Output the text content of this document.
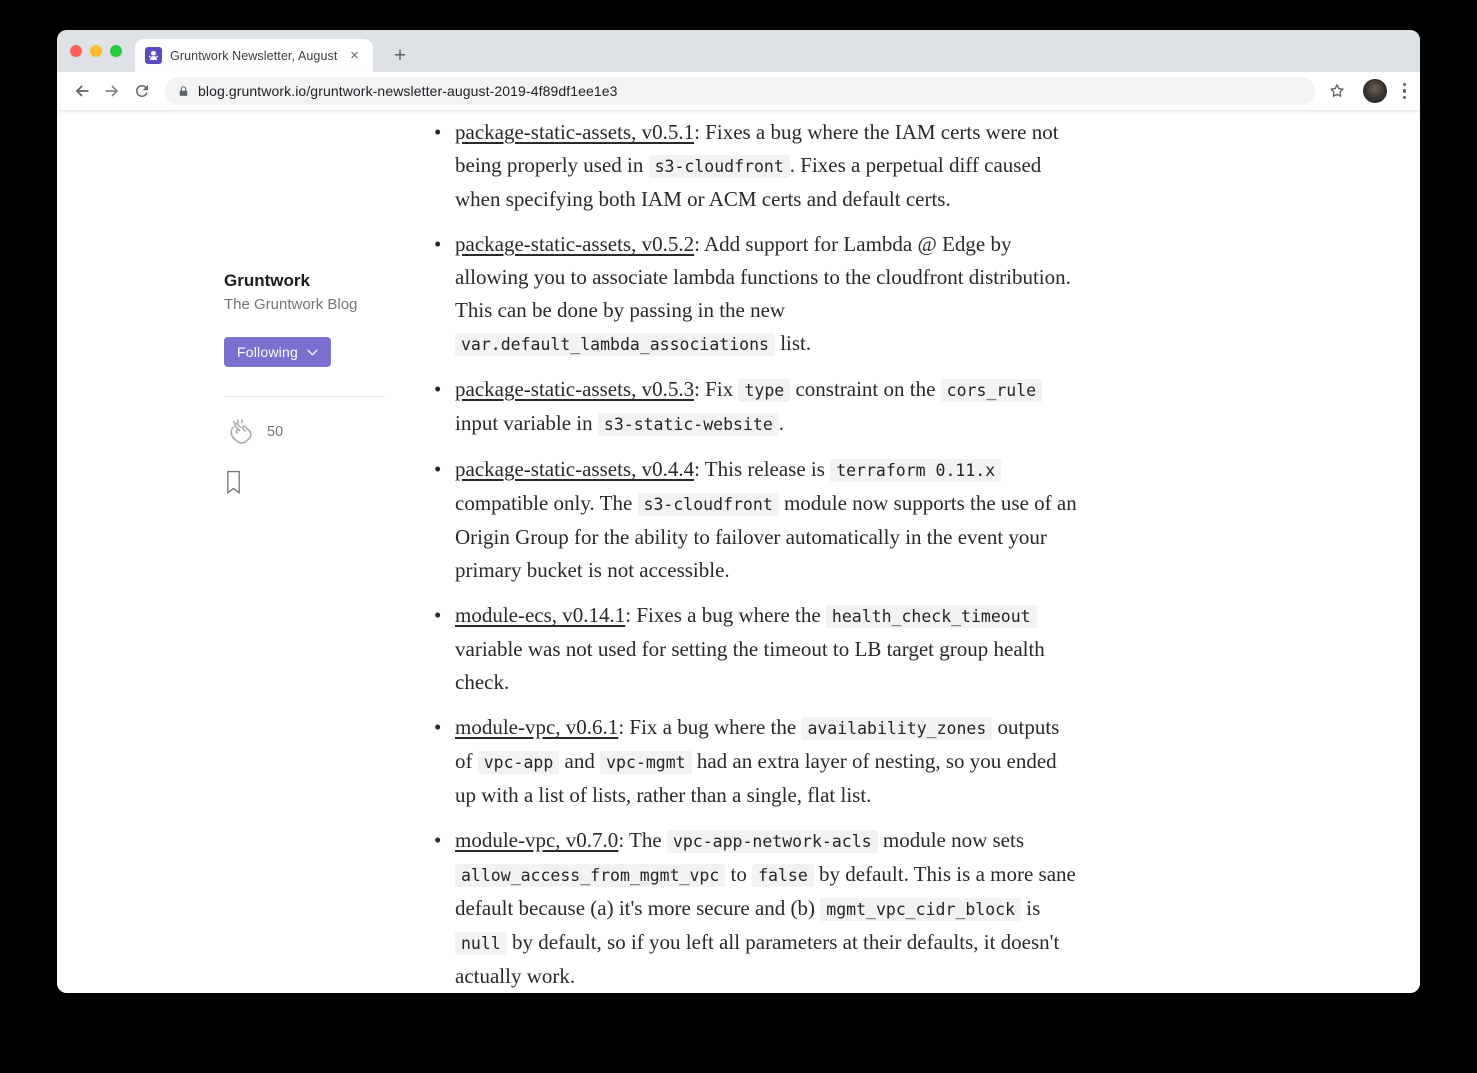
Gruntwork Newsletter, August ×	+
blog.gruntwork.io/gruntwork-newsletter-august-2019-4f89df1ee1e3
Gruntwork
The Gruntwork Blog
Following
50
• package-static-assets, v0.5.1: Fixes a bug where the IAM certs were not being properly used in s3-cloudfront . Fixes a perpetual diff caused when specifying both IAM or ACM certs and default certs.
• package-static-assets, v0.5.2: Add support for Lambda @ Edge by allowing you to associate lambda functions to the cloudfront distribution. This can be done by passing in the new var.default_lambda_associations list.
• package-static-assets, v0.5.3: Fix type constraint on the cors_rule input variable in s3-static-website .
• package-static-assets, v0.4.4: This release is terraform 0.11.x compatible only. The s3-cloudfront module now supports the use of an Origin Group for the ability to failover automatically in the event your primary bucket is not accessible.
• module-ecs, v0.14.1: Fixes a bug where the health_check_timeout variable was not used for setting the timeout to LB target group health check.
• module-vpc, v0.6.1: Fix a bug where the availability_zones outputs of vpc-app and vpc-mgmt had an extra layer of nesting, so you ended up with a list of lists, rather than a single, flat list.
• module-vpc, v0.7.0: The vpc-app-network-acls module now sets allow_access_from_mgmt_vpc to false by default. This is a more sane default because (a) it's more secure and (b) mgmt_vpc_cidr_block is null by default, so if you left all parameters at their defaults, it doesn't actually work.
